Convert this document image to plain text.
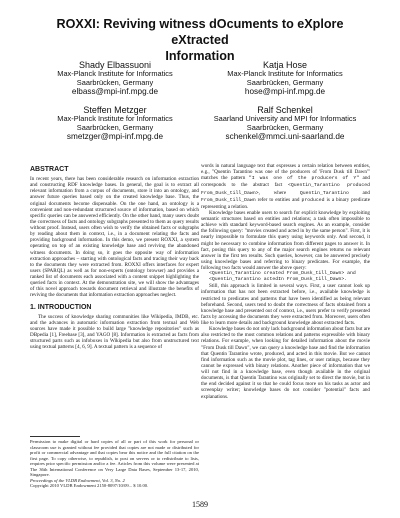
ROXXI: Reviving witness dOcuments to eXplore eXtracted
Information
Shady Elbassuoni
Max-Planck Institute for Informatics
Saarbrücken, Germany
elbass@mpi-inf.mpg.de
Katja Hose
Max-Planck Institute for Informatics
Saarbrücken, Germany
hose@mpi-inf.mpg.de
Steffen Metzger
Max-Planck Institute for Informatics
Saarbrücken, Germany
smetzger@mpi-inf.mpg.de
Ralf Schenkel
Saarland University and MPI for Informatics
Saarbrücken, Germany
schenkel@mmci.uni-saarland.de
ABSTRACT

In recent years, there has been considerable research on information extraction and constructing RDF knowledge bases. In general, the goal is to extract all relevant information from a corpus of documents, store it into an ontology, and answer future queries based only on the created knowledge base. Thus, the original documents become dispensable. On the one hand, an ontology is a convenient and non-redundant structured source of information, based on which specific queries can be answered efficiently. On the other hand, many users doubt the correctness of facts and ontology subgraphs presented to them as query results without proof. Instead, users often wish to verify the obtained facts or subgraphs by reading about them in context, i.e., in a document relating the facts and providing background information. In this demo, we present ROXXI, a system operating on top of an existing knowledge base and reviving the abandoned witness documents. In doing so, it goes the opposite way of information extraction approaches – starting with ontological facts and tracing their way back to the documents they were extracted from. ROXXI offers interfaces for expert users (SPARQL) as well as for non-experts (ontology browser) and provides a ranked list of documents each associated with a content snippet highlighting the queried facts in context. At the demonstration site, we will show the advantages of this novel approach towards document retrieval and illustrate the benefits of reviving the documents that information extraction approaches neglect.

1. INTRODUCTION

The success of knowledge sharing communities like Wikipedia, IMDB, etc. and the advances in automatic information extraction from textual and Web sources have made it possible to build large "knowledge repositories" such as DBpedia [1], Freebase [3], and YAGO [8]. Information is extracted as facts from structured parts such as infoboxes in Wikipedia but also from unstructured text using textual patterns [4, 6, 9]. A textual pattern is a sequence of

Permission to make digital or hard copies of all or part of this work for personal or classroom use is granted without fee provided that copies are not made or distributed for profit or commercial advantage and that copies bear this notice and the full citation on the first page. To copy otherwise, to republish, to post on servers or to redistribute to lists, requires prior specific permission and/or a fee. Articles from this volume were presented at The 36th International Conference on Very Large Data Bases, September 13-17, 2010, Singapore.
Proceedings of the VLDB Endowment, Vol. 3, No. 2
Copyright 2010 VLDB Endowment 2150-8097/10/09... $ 10.00.

words in natural language text that expresses a certain relation between entities, e.g., "Quentin Tarantino was one of the producers of 'From Dusk till Dawn'" matches the pattern "I was one of the producers of Y" and corresponds to the abstract fact <Quentin_Tarantino produced From_Dusk_till_Dawn>, where Quentin_Tarantino and From_Dusk_till_Dawn refer to entities and produced is a binary predicate representing a relation.

Knowledge bases enable users to search for explicit knowledge by exploiting semantic structures based on entities and relations; a task often impossible to achieve with standard keyword-based search engines. As an example, consider the following query: "movies created and acted in by the same person". First, it is nearly impossible to formulate this query using keywords only. And second, it might be necessary to combine information from different pages to answer it. In fact, posing this query to any of the major search engines returns no relevant answer in the first ten results. Such queries, however, can be answered precisely using knowledge bases and referring to binary predicates. For example, the following two facts would answer the above query:
<Quentin_Tarantino created From_Dusk_till_Dawn> and
<Quentin_Tarantino actedIn From_Dusk_till_Dawn>.

Still, this approach is limited in several ways. First, a user cannot look up information that has not been extracted before, i.e., available knowledge is restricted to predicates and patterns that have been identified as being relevant beforehand. Second, users tend to doubt the correctness of facts obtained from a knowledge base and presented out of context, i.e., users prefer to verify presented facts by accessing the documents they were extracted from. Moreover, users often like to learn more details and background knowledge about extracted facts.

Knowledge bases do not only lack background information about facts but are also restricted to the most common relations and patterns expressible with binary relations. For example, when looking for detailed information about the movie "From Dusk till Dawn", we can query a knowledge base and find the information that Quentin Tarantino wrote, produced, and acted in this movie. But we cannot find information such as the movie plot, tag lines, or user ratings, because they cannot be expressed with binary relations. Another piece of information that we will not find in a knowledge base, even though available in the original documents, is that Quentin Tarantino was originally set to direct the movie, but in the end decided against it so that he could focus more on his tasks as actor and screenplay writer; knowledge bases do not consider "potential" facts and explanations.

1589
